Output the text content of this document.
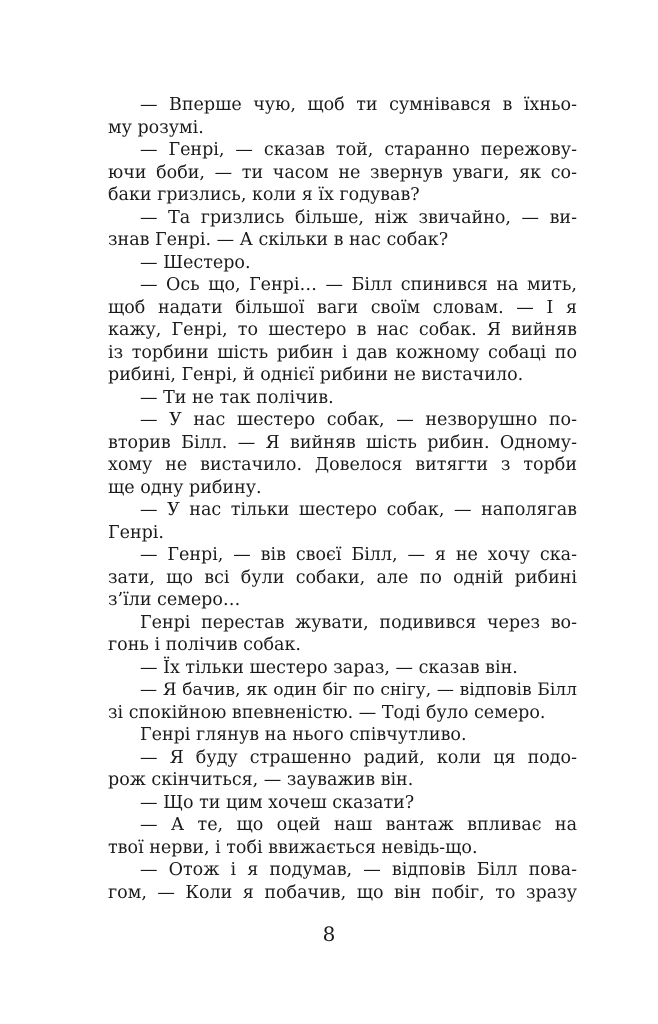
— Вперше чую, щоб ти сумнівався в їхньо-
му розумі.
— Генрі, — сказав той, старанно пережову-
ючи боби, — ти часом не звернув уваги, як со-
баки гризлись, коли я їх годував?
— Та гризлись більше, ніж звичайно, — ви-
знав Генрі. — А скільки в нас собак?
— Шестеро.
— Ось що, Генрі… — Білл спинився на мить,
щоб надати більшої ваги своїм словам. — І я
кажу, Генрі, то шестеро в нас собак. Я вийняв
із торбини шість рибин і дав кожному собаці по
рибині, Генрі, й однієї рибини не вистачило.
— Ти не так полічив.
— У нас шестеро собак, — незворушно по-
вторив Білл. — Я вийняв шість рибин. Одному-
хому не вистачило. Довелося витягти з торби
ще одну рибину.
— У нас тільки шестеро собак, — наполягав
Генрі.
— Генрі, — вів своєї Білл, — я не хочу ска-
зати, що всі були собаки, але по одній рибині
з’їли семеро…
Генрі перестав жувати, подивився через во-
гонь і полічив собак.
— Їх тільки шестеро зараз, — сказав він.
— Я бачив, як один біг по снігу, — відповів Білл
зі спокійною впевненістю. — Тоді було семеро.
Генрі глянув на нього співчутливо.
— Я буду страшенно радий, коли ця подо-
рож скінчиться, — зауважив він.
— Що ти цим хочеш сказати?
— А те, що оцей наш вантаж впливає на
твої нерви, і тобі ввижається невідь-що.
— Отож і я подумав, — відповів Білл пова-
гом, — Коли я побачив, що він побіг, то зразу
8
